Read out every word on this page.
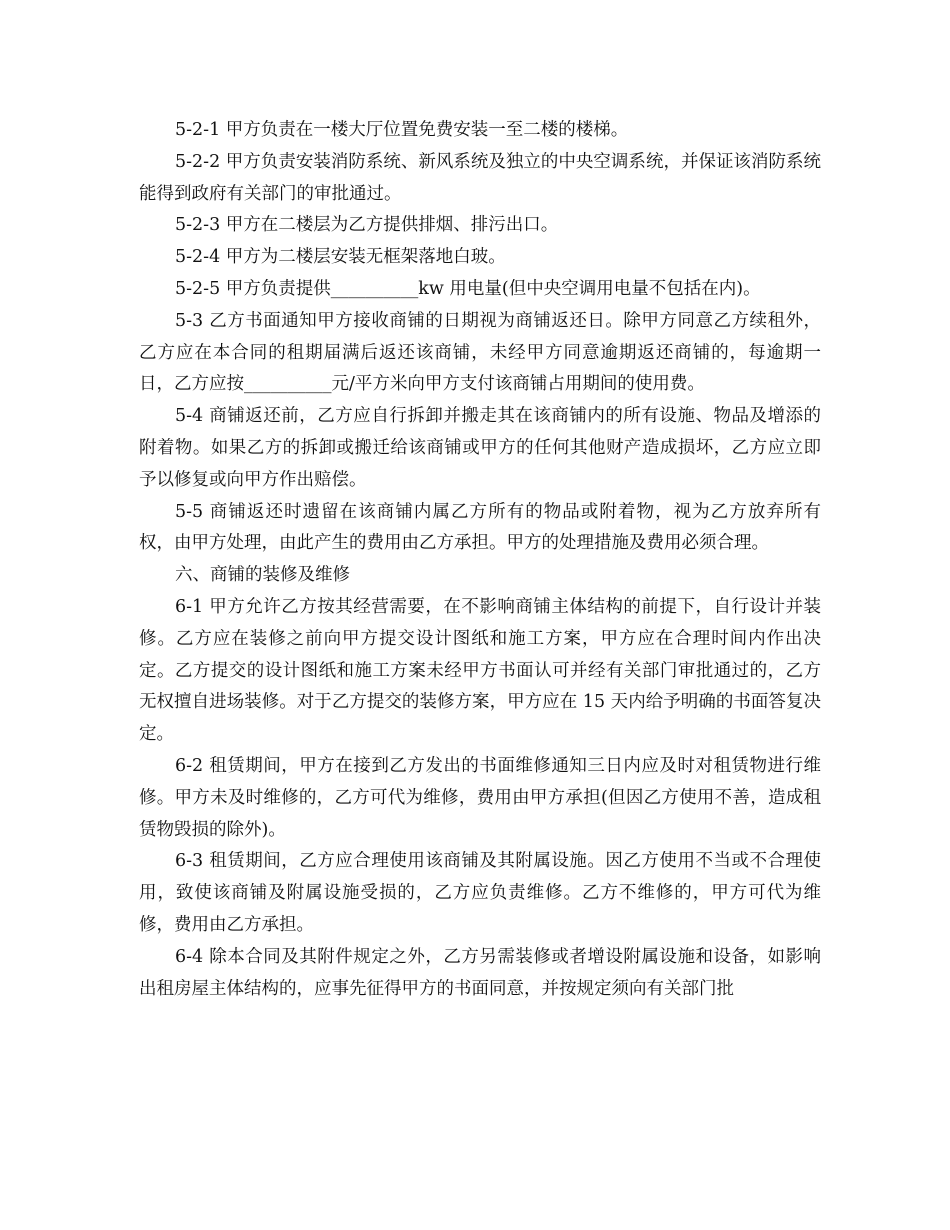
5-2-1 甲方负责在一楼大厅位置免费安装一至二楼的楼梯。

5-2-2 甲方负责安装消防系统、新风系统及独立的中央空调系统，并保证该消防系统能得到政府有关部门的审批通过。

5-2-3 甲方在二楼层为乙方提供排烟、排污出口。

5-2-4 甲方为二楼层安装无框架落地白玻。

5-2-5 甲方负责提供__________kw 用电量(但中央空调用电量不包括在内)。

5-3 乙方书面通知甲方接收商铺的日期视为商铺返还日。除甲方同意乙方续租外，乙方应在本合同的租期届满后返还该商铺，未经甲方同意逾期返还商铺的，每逾期一日，乙方应按__________元/平方米向甲方支付该商铺占用期间的使用费。

5-4 商铺返还前，乙方应自行拆卸并搬走其在该商铺内的所有设施、物品及增添的附着物。如果乙方的拆卸或搬迁给该商铺或甲方的任何其他财产造成损坏，乙方应立即予以修复或向甲方作出赔偿。

5-5 商铺返还时遗留在该商铺内属乙方所有的物品或附着物，视为乙方放弃所有权，由甲方处理，由此产生的费用由乙方承担。甲方的处理措施及费用必须合理。

六、商铺的装修及维修

6-1 甲方允许乙方按其经营需要，在不影响商铺主体结构的前提下，自行设计并装修。乙方应在装修之前向甲方提交设计图纸和施工方案，甲方应在合理时间内作出决定。乙方提交的设计图纸和施工方案未经甲方书面认可并经有关部门审批通过的，乙方无权擅自进场装修。对于乙方提交的装修方案，甲方应在 15 天内给予明确的书面答复决定。

6-2 租赁期间，甲方在接到乙方发出的书面维修通知三日内应及时对租赁物进行维修。甲方未及时维修的，乙方可代为维修，费用由甲方承担(但因乙方使用不善，造成租赁物毁损的除外)。

6-3 租赁期间，乙方应合理使用该商铺及其附属设施。因乙方使用不当或不合理使用，致使该商铺及附属设施受损的，乙方应负责维修。乙方不维修的，甲方可代为维修，费用由乙方承担。

6-4 除本合同及其附件规定之外，乙方另需装修或者增设附属设施和设备，如影响出租房屋主体结构的，应事先征得甲方的书面同意，并按规定须向有关部门批
